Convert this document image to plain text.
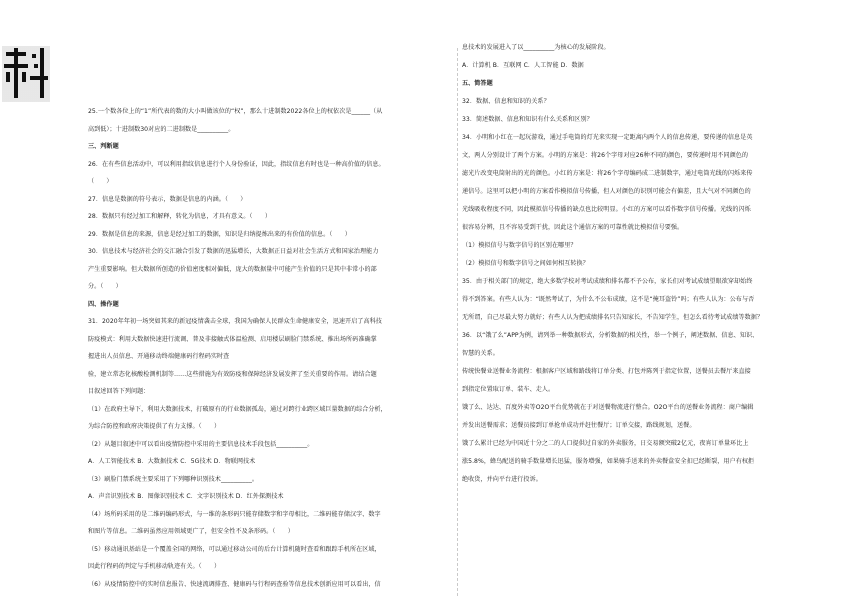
25.一个数各位上的“1”所代表的数的大小叫做该位的“权”，那么十进制数2022各位上的权依次是______（从
高到低）；十进制数30对应的二进制数是__________。
三、判断题
26．在有些信息活动中，可以利用指纹信息进行个人身份验证，因此，指纹信息有时也是一种高价值的信息。
（　　）
27．信息是数据的符号表示，数据是信息的内涵。（　　）
28．数据只有经过加工和解释，转化为信息，才具有意义。（　　）
29．数据是信息的来源，信息是经过加工的数据，知识是归纳提炼出来的有价值的信息。（　　）
30．信息技术与经济社会的交汇融合引发了数据的迅猛增长，大数据正日益对社会生活方式和国家治理能力
产生重要影响。但大数据所创造的价值密度相对偏低，庞大的数据量中可能产生价值的只是其中非常小的部
分。（　　）
四、操作题
31．2020年年初一场突如其来的新冠疫情袭击全球，我国为确保人民群众生命健康安全，迅速开启了高科技
防疫模式：利用大数据快速进行流调、普及非接触式体温检测、启用楼层刷脸门禁系统、推出场所码准确掌
握进出人员信息、开通移动终端健康码行程码实时查
验，建立常态化核酸检测机制等……这些措施为有效防疫和保障经济发展发挥了至关重要的作用。请结合题
目叙述回答下列问题：
（1）在政府主导下，利用大数据技术，打破原有的行业数据孤岛，通过对跨行业跨区域巨量数据的综合分析，
为综合防控和政府决策提供了有力支撑。（　　）
（2）从题目叙述中可以看出疫情防控中采用的主要信息技术手段包括__________。
A．人工智能技术 B．大数据技术 C．5G技术 D．物联网技术
（3）刷脸门禁系统主要采用了下列哪种识别技术__________。
A．声音识别技术 B．图像识别技术 C．文字识别技术 D．红外探测技术
（4）场所码采用的是二维码编码形式，与一维的条形码只能存储数字和字母相比，二维码能存储汉字、数字
和图片等信息。二维码虽然应用领域更广了，但安全性不及条形码。（　　）
（5）移动通讯基站是一个覆盖全国的网络，可以通过移动公司的后台计算机随时查看和跟踪手机所在区域，
因此行程码的判定与手机移动轨迹有关。（　　）
（6）从疫情防控中的实时信息报告、快速流调排查、健康码与行程码查验等信息技术创新应用可以看出，信
息技术的发展进入了以__________为核心的发展阶段。
A．计算机 B．互联网 C．人工智能 D．数据
五、简答题
32．数据、信息和知识的关系？
33．简述数据、信息和知识有什么关系和区别？
34．小明和小红在一起玩游戏，通过手电筒的灯光来实现一定距离内两个人的信息传递，要传递的信息是英
文，两人分别设计了两个方案。小明的方案是：将26个字母对应26种不同的颜色，要传递时用不同颜色的
滤光片改变电筒射出的光的颜色。小红的方案是：将26个字母编码成二进制数字，通过电筒光线的闪烁来传
递信号。这里可以把小明的方案看作模拟信号传播，但人对颜色的识别可能会有偏差，且大气对不同颜色的
光线吸收程度不同，因此模拟信号传播的缺点也比较明显。小红的方案可以看作数字信号传播。光线的闪烁
很容易分辨，且不容易受到干扰，因此这个通信方案的可靠性就比模拟信号要强。
（1）模拟信号与数字信号的区别在哪里？
（2）模拟信号和数字信号之间如何相互转换？
35．由于相关部门的规定，绝大多数学校对考试成绩和排名都不予公布，家长们对考试成绩望眼欲穿却始终
得不到答案。有些人认为：“既然考试了，为什么不公布成绩，这不是“掩耳盗铃”吗；有些人认为：公布与否
无所谓，自己尽最大努力就好；有些人认为把成绩排名只告知家长，不告知学生，但怎么看待考试成绩等数据？
36．以“饿了么”APP为例，请列举一种数据形式，分析数据的相关性，举一个例子，阐述数据、信息、知识、
智慧的关系。
传统快餐业送餐业务流程：根据客户区域和路线将订单分类、打包并陈列于指定位置，送餐员去餐厅来直接
到指定位置取订单、装车、走人。
饿了么、达达、百度外卖等O2O平台优势就在于对送餐物流进行整合。O2O平台的送餐业务流程：商户编辑
并发出送餐需求；送餐员接到订单抢单成功并赶往餐厅；订单交接，路线规划，送餐。
饿了么累计已经为中国近十分之二的人口提供过自家的外卖服务，日交易额突破2亿元，夜宵订单量环比上
涨5.8%，蜂鸟配送的骑手数量增长迅猛，服务增强，如果骑手送来的外卖餐盒安全扣已经断裂，用户有权拒
绝收货，并向平台进行投诉。
